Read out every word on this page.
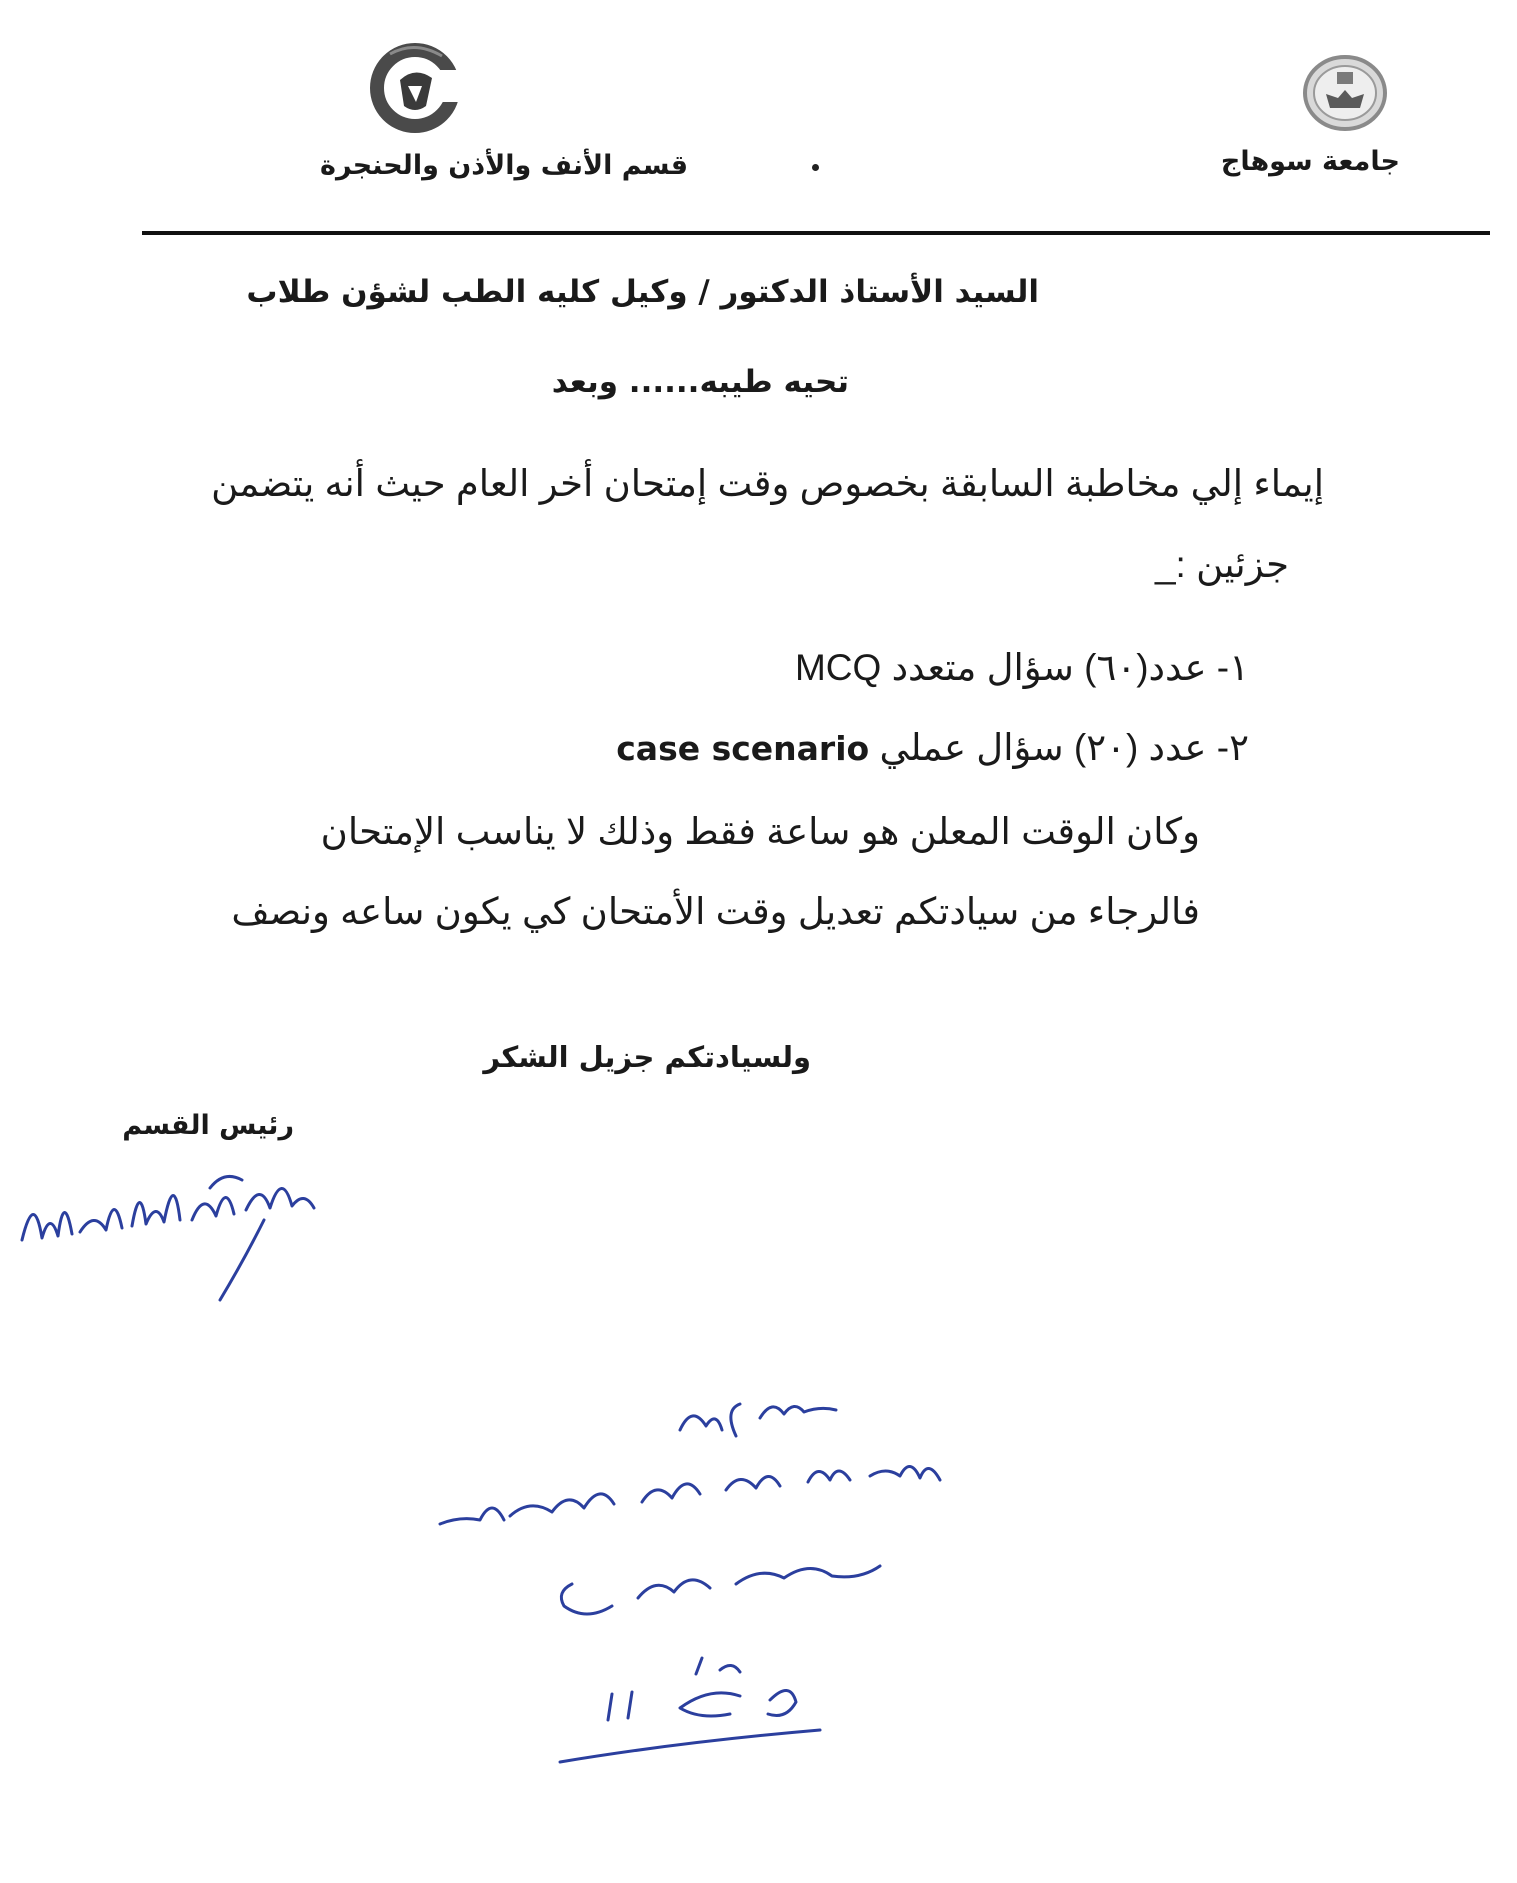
جامعة سوهاج
قسم الأنف والأذن والحنجرة
السيد الأستاذ الدكتور / وكيل كليه الطب لشؤن طلاب
تحيه طيبه...... وبعد
إيماء إلي مخاطبة السابقة بخصوص وقت إمتحان أخر العام حيث أنه يتضمن
جزئين :_
١- عدد(٦٠) سؤال متعدد MCQ
٢- عدد (٢٠) سؤال عملي case scenario
وكان الوقت المعلن هو ساعة فقط وذلك لا يناسب الإمتحان
فالرجاء من سيادتكم تعديل وقت الأمتحان كي يكون ساعه ونصف
ولسيادتكم جزيل الشكر
رئيس القسم
